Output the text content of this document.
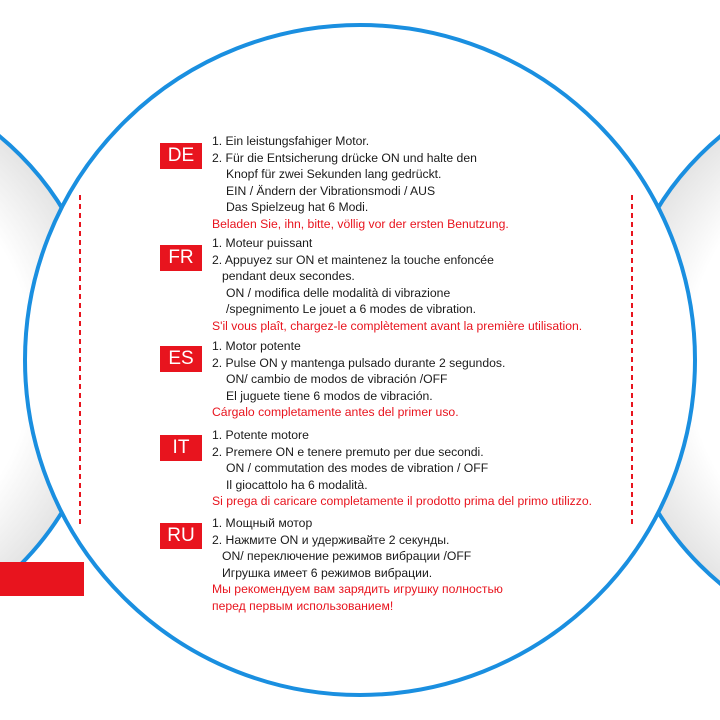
DE
1. Ein leistungsfahiger Motor.
2. Für die Entsicherung drücke ON und halte den
Knopf für zwei Sekunden lang gedrückt.
EIN / Ändern der Vibrationsmodi / AUS
Das Spielzeug hat 6 Modi.
Beladen Sie, ihn, bitte, völlig vor der ersten Benutzung.
FR
1. Moteur puissant
2. Appuyez sur ON et maintenez la touche enfoncée
pendant deux secondes.
ON / modifica delle modalità di vibrazione
/spegnimento Le jouet a 6 modes de vibration.
S'il vous plaît, chargez-le complètement avant la première utilisation.
ES
1. Motor potente
2. Pulse ON y mantenga pulsado durante 2 segundos.
ON/ cambio de modos de vibración /OFF
El juguete tiene 6 modos de vibración.
Cárgalo completamente antes del primer uso.
IT
1. Potente motore
2. Premere ON e tenere premuto per due secondi.
ON / commutation des modes de vibration / OFF
Il giocattolo ha 6 modalità.
Si prega di caricare completamente il prodotto prima del primo utilizzo.
RU
1. Мощный мотор
2. Нажмите ON и удерживайте 2 секунды.
ON/ переключение режимов вибрации /OFF
Игрушка имеет 6 режимов вибрации.
Мы рекомендуем вам зарядить игрушку полностью
перед первым использованием!
